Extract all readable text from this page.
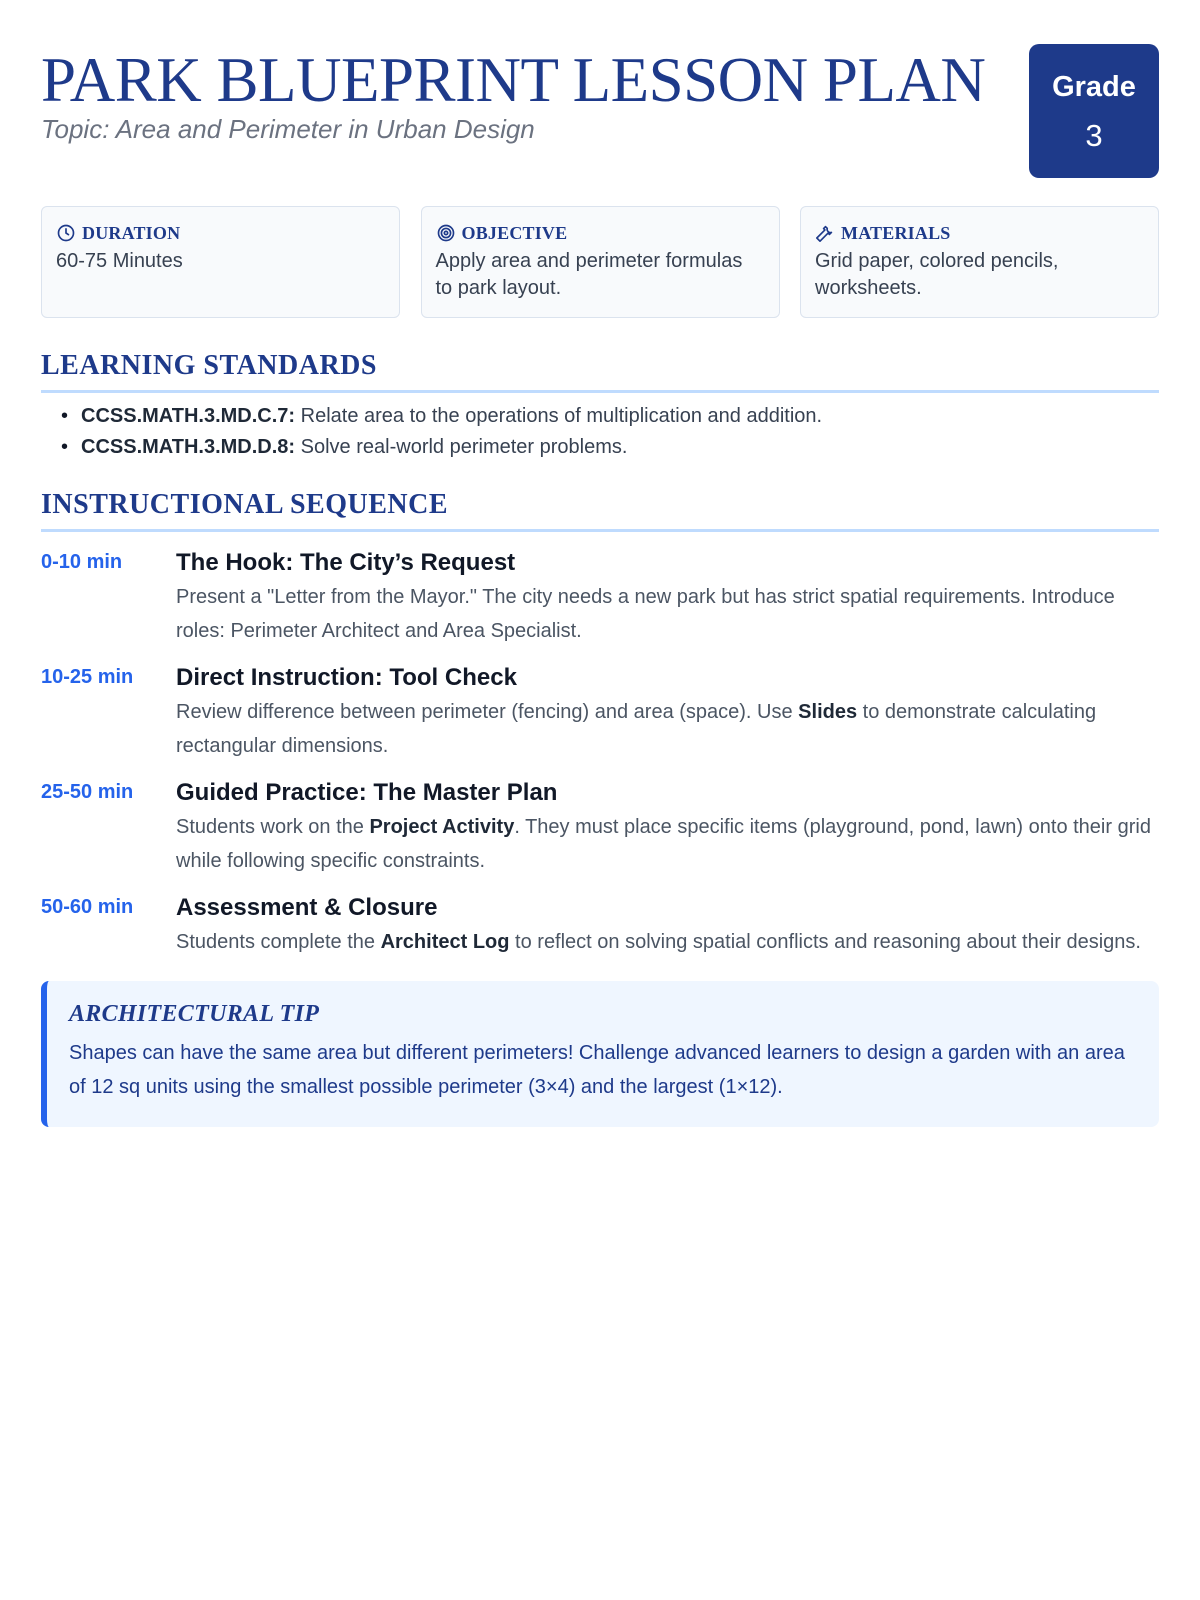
PARK BLUEPRINT LESSON PLAN
Topic: Area and Perimeter in Urban Design
Grade
3
DURATION
60-75 Minutes
OBJECTIVE
Apply area and perimeter formulas to park layout.
MATERIALS
Grid paper, colored pencils, worksheets.
LEARNING STANDARDS
• CCSS.MATH.3.MD.C.7: Relate area to the operations of multiplication and addition.
• CCSS.MATH.3.MD.D.8: Solve real-world perimeter problems.
INSTRUCTIONAL SEQUENCE
0-10 min	The Hook: The City’s Request
Present a "Letter from the Mayor." The city needs a new park but has strict spatial requirements. Introduce roles: Perimeter Architect and Area Specialist.
10-25 min	Direct Instruction: Tool Check
Review difference between perimeter (fencing) and area (space). Use Slides to demonstrate calculating rectangular dimensions.
25-50 min	Guided Practice: The Master Plan
Students work on the Project Activity. They must place specific items (playground, pond, lawn) onto their grid while following specific constraints.
50-60 min	Assessment & Closure
Students complete the Architect Log to reflect on solving spatial conflicts and reasoning about their designs.
ARCHITECTURAL TIP
Shapes can have the same area but different perimeters! Challenge advanced learners to design a garden with an area of 12 sq units using the smallest possible perimeter (3×4) and the largest (1×12).
